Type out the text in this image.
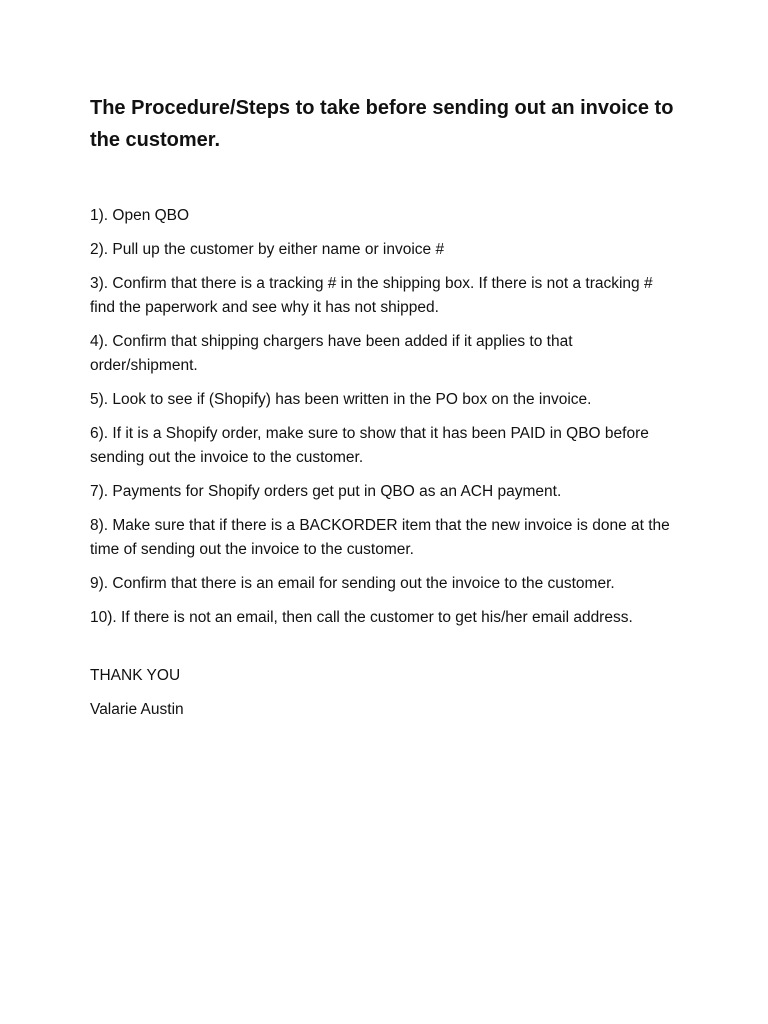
The Procedure/Steps to take before sending out an invoice to the customer.
1). Open QBO
2). Pull up the customer by either name or invoice #
3). Confirm that there is a tracking # in the shipping box. If there is not a tracking # find the paperwork and see why it has not shipped.
4). Confirm that shipping chargers have been added if it applies to that order/shipment.
5). Look to see if (Shopify) has been written in the PO box on the invoice.
6). If it is a Shopify order, make sure to show that it has been PAID in QBO before sending out the invoice to the customer.
7). Payments for Shopify orders get put in QBO as an ACH payment.
8). Make sure that if there is a BACKORDER item that the new invoice is done at the time of sending out the invoice to the customer.
9). Confirm that there is an email for sending out the invoice to the customer.
10). If there is not an email, then call the customer to get his/her email address.

THANK YOU

Valarie Austin
